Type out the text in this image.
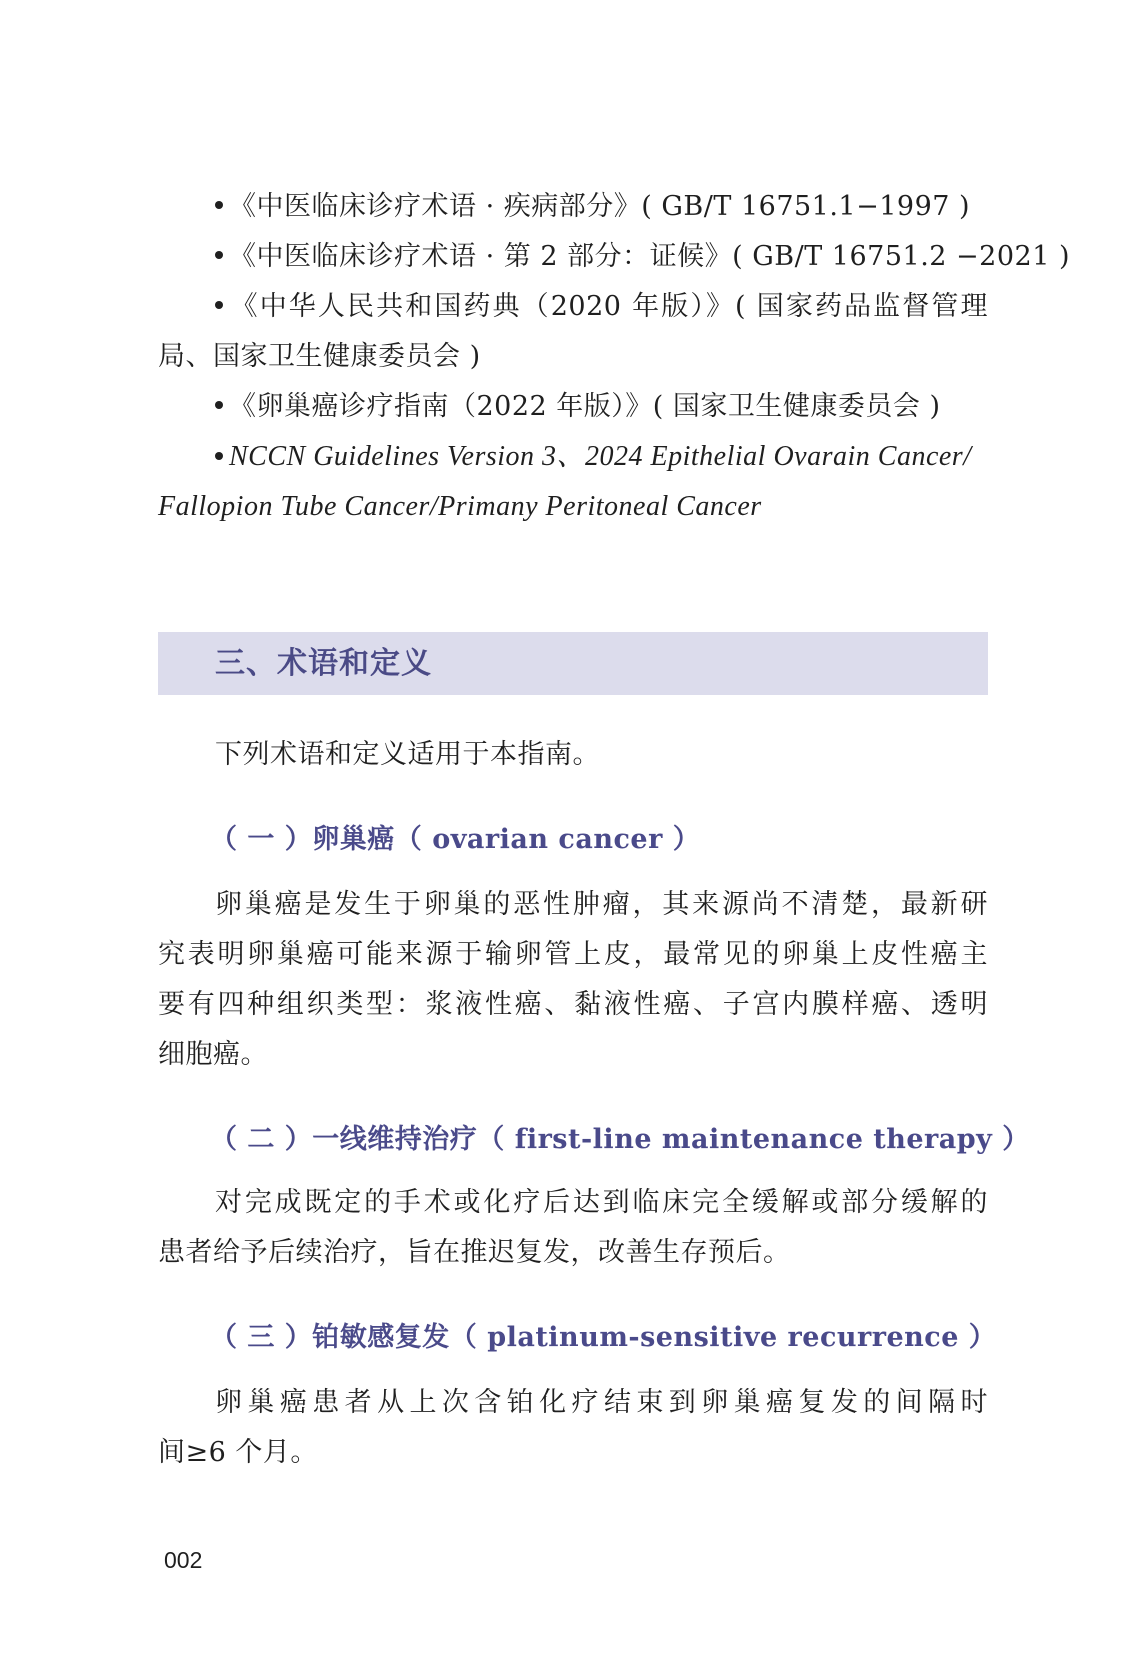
《中医临床诊疗术语 · 疾病部分》( GB/T 16751.1−1997 )
《中医临床诊疗术语 · 第 2 部分：证候》( GB/T 16751.2 −2021 )
《中华人民共和国药典（2020 年版）》( 国家药品监督管理
局、国家卫生健康委员会 )
《卵巢癌诊疗指南（2022 年版）》( 国家卫生健康委员会 )
NCCN Guidelines Version 3、2024 Epithelial Ovarain Cancer/
Fallopion Tube Cancer/Primany Peritoneal Cancer
三、术语和定义
下列术语和定义适用于本指南。
（ 一 ）卵巢癌（ ovarian cancer ）
卵巢癌是发生于卵巢的恶性肿瘤，其来源尚不清楚，最新研
究表明卵巢癌可能来源于输卵管上皮，最常见的卵巢上皮性癌主
要有四种组织类型：浆液性癌、黏液性癌、子宫内膜样癌、透明
细胞癌。
（ 二 ）一线维持治疗（ first-line maintenance therapy ）
对完成既定的手术或化疗后达到临床完全缓解或部分缓解的
患者给予后续治疗，旨在推迟复发，改善生存预后。
（ 三 ）铂敏感复发（ platinum-sensitive recurrence ）
卵巢癌患者从上次含铂化疗结束到卵巢癌复发的间隔时
间≥6 个月。
002
